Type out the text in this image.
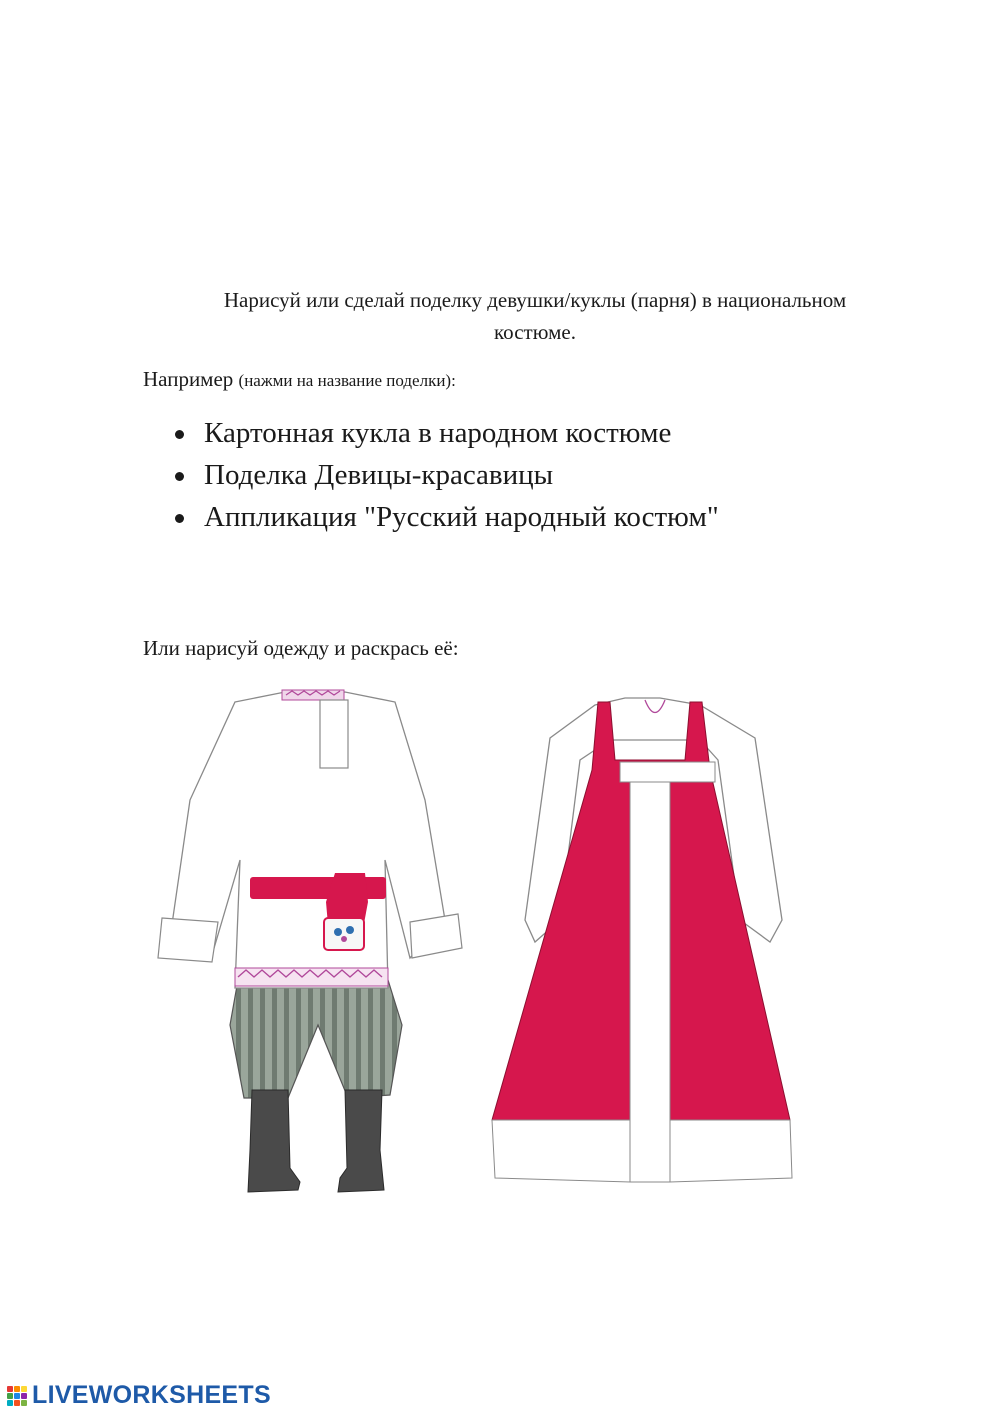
Нарисуй или сделай поделку девушки/куклы (парня) в национальном
костюме.
Например (нажми на название поделки):
Картонная кукла в народном костюме
Поделка Девицы-красавицы
Аппликация "Русский народный костюм"
Или нарисуй одежду и раскрась её:
LIVEWORKSHEETS
